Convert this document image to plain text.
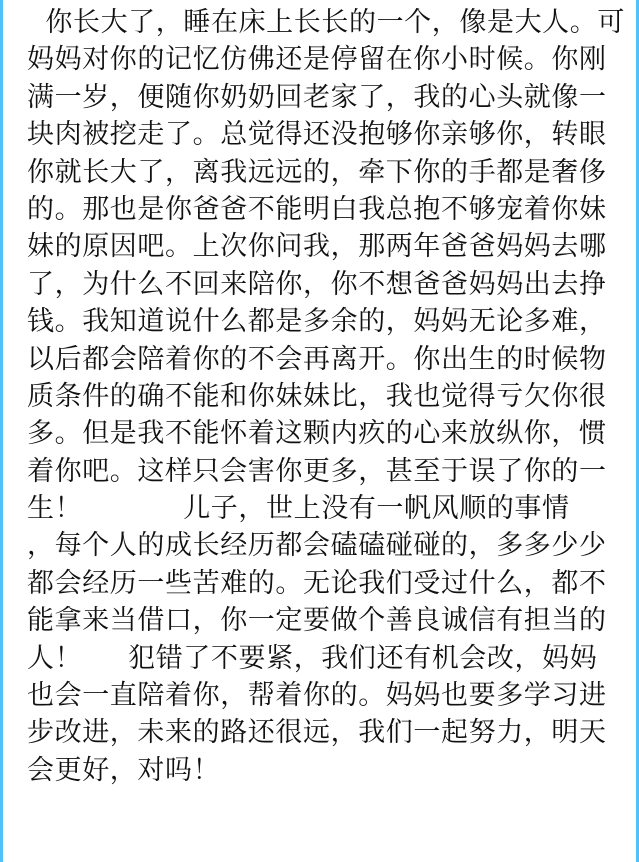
你长大了，睡在床上长长的一个，像是大人。可
妈妈对你的记忆仿佛还是停留在你小时候。你刚
满一岁，便随你奶奶回老家了，我的心头就像一
块肉被挖走了。总觉得还没抱够你亲够你，转眼
你就长大了，离我远远的，牵下你的手都是奢侈
的。那也是你爸爸不能明白我总抱不够宠着你妹
妹的原因吧。上次你问我，那两年爸爸妈妈去哪
了，为什么不回来陪你，你不想爸爸妈妈出去挣
钱。我知道说什么都是多余的，妈妈无论多难，
以后都会陪着你的不会再离开。你出生的时候物
质条件的确不能和你妹妹比，我也觉得亏欠你很
多。但是我不能怀着这颗内疚的心来放纵你，惯
着你吧。这样只会害你更多，甚至于误了你的一
生！           儿子，世上没有一帆风顺的事情
，每个人的成长经历都会磕磕碰碰的，多多少少
都会经历一些苦难的。无论我们受过什么，都不
能拿来当借口，你一定要做个善良诚信有担当的
人！     犯错了不要紧，我们还有机会改，妈妈
也会一直陪着你，帮着你的。妈妈也要多学习进
步改进，未来的路还很远，我们一起努力，明天
会更好，对吗！
